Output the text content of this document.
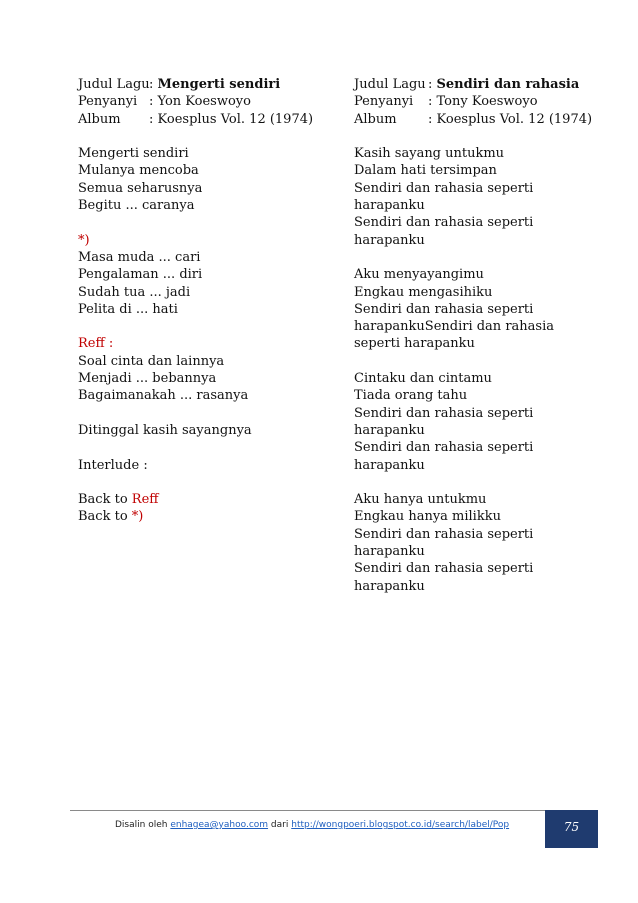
Judul Lagu: Mengerti sendiri
Penyanyi : Yon Koeswoyo
Album : Koesplus Vol. 12 (1974)
Mengerti sendiri
Mulanya mencoba
Semua seharusnya
Begitu ... caranya
*)
Masa muda ... cari
Pengalaman ... diri
Sudah tua ... jadi
Pelita di ... hati
Reff :
Soal cinta dan lainnya
Menjadi ... bebannya
Bagaimanakah ... rasanya
Ditinggal kasih sayangnya
Interlude :
Back to Reff
Back to *)
Judul Lagu : Sendiri dan rahasia
Penyanyi : Tony Koeswoyo
Album : Koesplus Vol. 12 (1974)
Kasih sayang untukmu
Dalam hati tersimpan
Sendiri dan rahasia seperti
harapanku
Sendiri dan rahasia seperti
harapanku
Aku menyayangimu
Engkau mengasihiku
Sendiri dan rahasia seperti
harapankuSendiri dan rahasia
seperti harapanku
Cintaku dan cintamu
Tiada orang tahu
Sendiri dan rahasia seperti
harapanku
Sendiri dan rahasia seperti
harapanku
Aku hanya untukmu
Engkau hanya milikku
Sendiri dan rahasia seperti
harapanku
Sendiri dan rahasia seperti
harapanku
Disalin oleh enhagea@yahoo.com dari http://wongpoeri.blogspot.co.id/search/label/Pop	75
